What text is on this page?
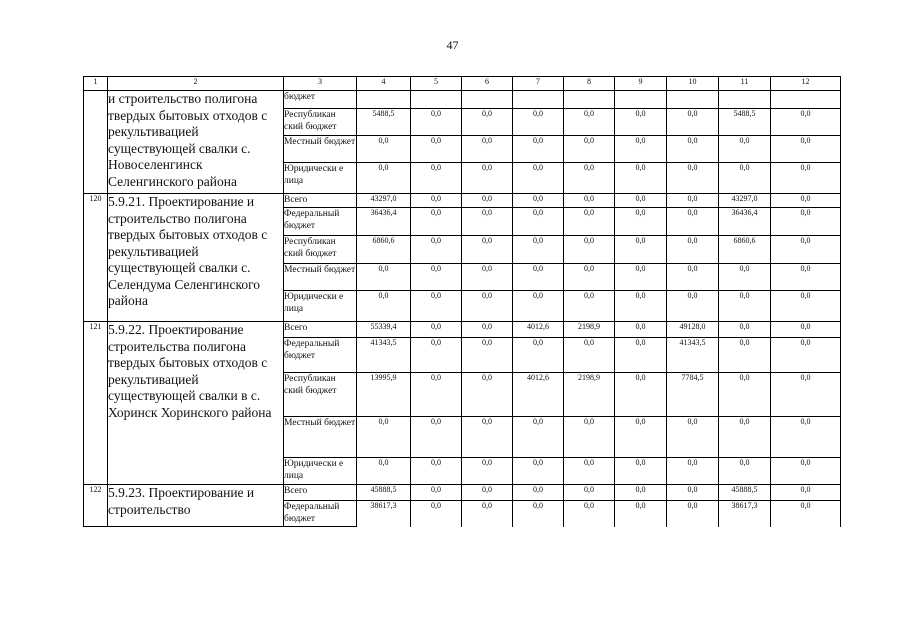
47
1	2	3	4	5	6	7	8	9	10	11	12
	и строительство полигона твердых бытовых отходов с рекультивацией существующей свалки с. Новоселенгинск Селенгинского района	бюджет									
		Республикан ский бюджет	5488,5	0,0	0,0	0,0	0,0	0,0	0,0	5488,5	0,0
		Местный бюджет	0,0	0,0	0,0	0,0	0,0	0,0	0,0	0,0	0,0
		Юридически е лица	0,0	0,0	0,0	0,0	0,0	0,0	0,0	0,0	0,0
120	5.9.21. Проектирование и строительство полигона твердых бытовых отходов с рекультивацией существующей свалки с. Селендума Селенгинского района	Всего	43297,0	0,0	0,0	0,0	0,0	0,0	0,0	43297,0	0,0
		Федеральный бюджет	36436,4	0,0	0,0	0,0	0,0	0,0	0,0	36436,4	0,0
		Республикан ский бюджет	6860,6	0,0	0,0	0,0	0,0	0,0	0,0	6860,6	0,0
		Местный бюджет	0,0	0,0	0,0	0,0	0,0	0,0	0,0	0,0	0,0
		Юридически е лица	0,0	0,0	0,0	0,0	0,0	0,0	0,0	0,0	0,0
121	5.9.22. Проектирование строительства полигона твердых бытовых отходов с рекультивацией существующей свалки в с. Хоринск Хоринского района	Всего	55339,4	0,0	0,0	4012,6	2198,9	0,0	49128,0	0,0	0,0
		Федеральный бюджет	41343,5	0,0	0,0	0,0	0,0	0,0	41343,5	0,0	0,0
		Республикан ский бюджет	13995,9	0,0	0,0	4012,6	2198,9	0,0	7784,5	0,0	0,0
		Местный бюджет	0,0	0,0	0,0	0,0	0,0	0,0	0,0	0,0	0,0
		Юридически е лица	0,0	0,0	0,0	0,0	0,0	0,0	0,0	0,0	0,0
122	5.9.23. Проектирование и строительство	Всего	45888,5	0,0	0,0	0,0	0,0	0,0	0,0	45888,5	0,0
		Федеральный бюджет	38617,3	0,0	0,0	0,0	0,0	0,0	0,0	38617,3	0,0
